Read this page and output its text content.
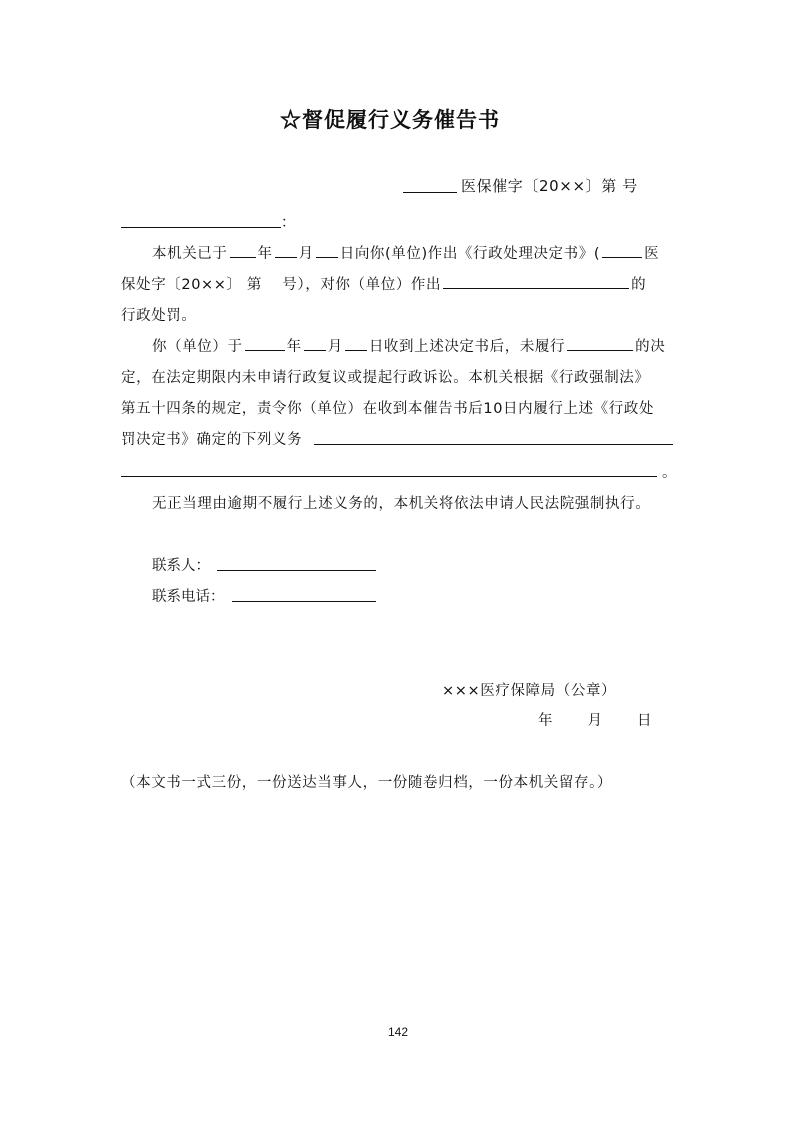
☆督促履行义务催告书
医保催字〔20××〕第 号
：
本机关已于 年 月 日向你(单位)作出《行政处理决定书》(	医
保处字〔20××〕 第　 号），对你（单位）作出	的
行政处罚。
你（单位）于	年 月 日收到上述决定书后，未履行	的决
定，在法定期限内未申请行政复议或提起行政诉讼。本机关根据《行政强制法》
第五十四条的规定，责令你（单位）在收到本催告书后10日内履行上述《行政处
罚决定书》确定的下列义务
。
无正当理由逾期不履行上述义务的，本机关将依法申请人民法院强制执行。
联系人：
联系电话：
×××医疗保障局（公章）
年　　月　　日
（本文书一式三份，一份送达当事人，一份随卷归档，一份本机关留存。）
142
